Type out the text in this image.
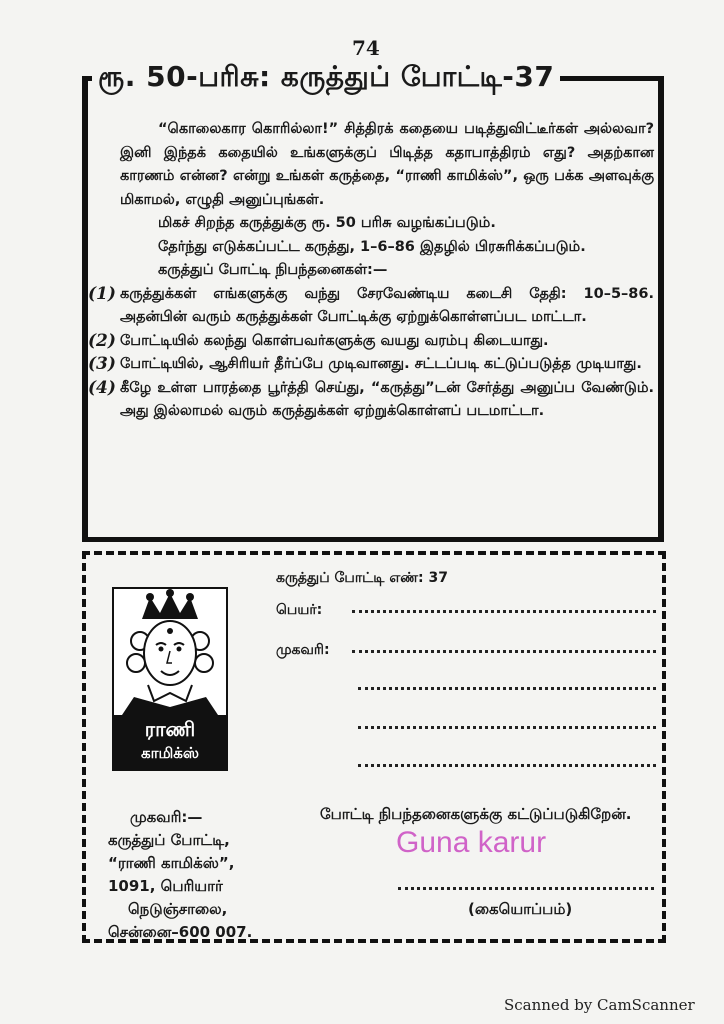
74
ரூ. 50-பரிசு: கருத்துப் போட்டி-37

“கொலைகார கொரில்லா!” சித்திரக் கதையை படித்துவிட்டீர்கள் அல்லவா? இனி இந்தக் கதையில் உங்களுக்குப் பிடித்த கதாபாத்திரம் எது? அதற்கான காரணம் என்ன? என்று உங்கள் கருத்தை, “ராணி காமிக்ஸ்”, ஒரு பக்க அளவுக்கு மிகாமல், எழுதி அனுப்புங்கள்.

மிகச் சிறந்த கருத்துக்கு ரூ. 50 பரிசு வழங்கப்படும்.

தேர்ந்து எடுக்கப்பட்ட கருத்து, 1–6–86 இதழில் பிரசுரிக்கப்படும்.

கருத்துப் போட்டி நிபந்தனைகள்:—

(1) கருத்துக்கள் எங்களுக்கு வந்து சேரவேண்டிய கடைசி தேதி: 10–5–86. அதன்பின் வரும் கருத்துக்கள் போட்டிக்கு ஏற்றுக்கொள்ளப்பட மாட்டா.

(2) போட்டியில் கலந்து கொள்பவர்களுக்கு வயது வரம்பு கிடையாது.

(3) போட்டியில், ஆசிரியர் தீர்ப்பே முடிவானது. சட்டப்படி கட்டுப்படுத்த முடியாது.

(4) கீழே உள்ள பாரத்தை பூர்த்தி செய்து, “கருத்து”டன் சேர்த்து அனுப்ப வேண்டும். அது இல்லாமல் வரும் கருத்துக்கள் ஏற்றுக்கொள்ளப் படமாட்டா.

ராணி
காமிக்ஸ்
கருத்துப் போட்டி எண்: 37
பெயர்:
முகவரி:
முகவரி:—
கருத்துப் போட்டி,
“ராணி காமிக்ஸ்”,
1091, பெரியார்
நெடுஞ்சாலை,
சென்னை–600 007.
போட்டி நிபந்தனைகளுக்கு கட்டுப்படுகிறேன்.
Guna karur
(கையொப்பம்)
Scanned by CamScanner
